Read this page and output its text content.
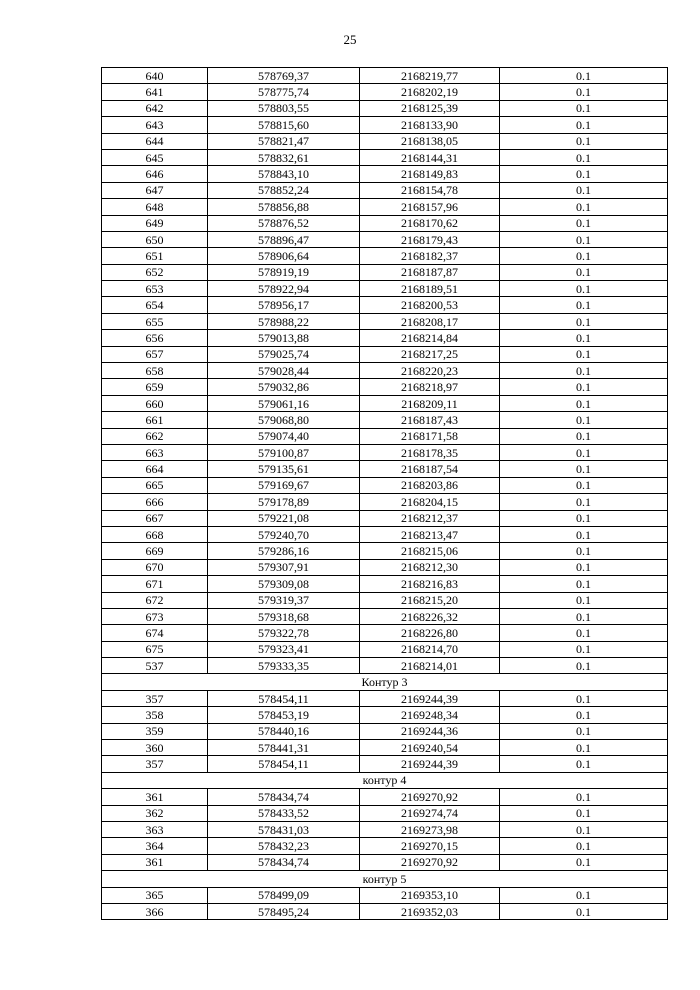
25
640	578769,37	2168219,77	0.1
641	578775,74	2168202,19	0.1
642	578803,55	2168125,39	0.1
643	578815,60	2168133,90	0.1
644	578821,47	2168138,05	0.1
645	578832,61	2168144,31	0.1
646	578843,10	2168149,83	0.1
647	578852,24	2168154,78	0.1
648	578856,88	2168157,96	0.1
649	578876,52	2168170,62	0.1
650	578896,47	2168179,43	0.1
651	578906,64	2168182,37	0.1
652	578919,19	2168187,87	0.1
653	578922,94	2168189,51	0.1
654	578956,17	2168200,53	0.1
655	578988,22	2168208,17	0.1
656	579013,88	2168214,84	0.1
657	579025,74	2168217,25	0.1
658	579028,44	2168220,23	0.1
659	579032,86	2168218,97	0.1
660	579061,16	2168209,11	0.1
661	579068,80	2168187,43	0.1
662	579074,40	2168171,58	0.1
663	579100,87	2168178,35	0.1
664	579135,61	2168187,54	0.1
665	579169,67	2168203,86	0.1
666	579178,89	2168204,15	0.1
667	579221,08	2168212,37	0.1
668	579240,70	2168213,47	0.1
669	579286,16	2168215,06	0.1
670	579307,91	2168212,30	0.1
671	579309,08	2168216,83	0.1
672	579319,37	2168215,20	0.1
673	579318,68	2168226,32	0.1
674	579322,78	2168226,80	0.1
675	579323,41	2168214,70	0.1
537	579333,35	2168214,01	0.1
Контур 3			
357	578454,11	2169244,39	0.1
358	578453,19	2169248,34	0.1
359	578440,16	2169244,36	0.1
360	578441,31	2169240,54	0.1
357	578454,11	2169244,39	0.1
контур 4			
361	578434,74	2169270,92	0.1
362	578433,52	2169274,74	0.1
363	578431,03	2169273,98	0.1
364	578432,23	2169270,15	0.1
361	578434,74	2169270,92	0.1
контур 5			
365	578499,09	2169353,10	0.1
366	578495,24	2169352,03	0.1
